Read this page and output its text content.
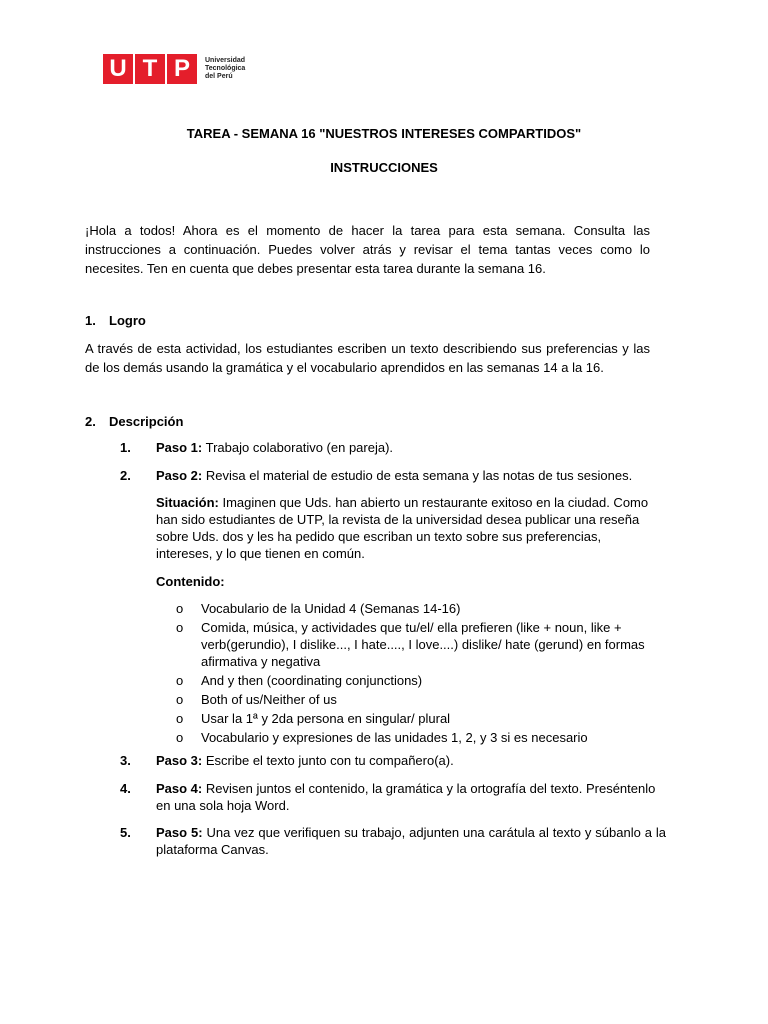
U T P	Universidad
Tecnológica
del Perú
TAREA - SEMANA 16 "NUESTROS INTERESES COMPARTIDOS"
INSTRUCCIONES
¡Hola a todos! Ahora es el momento de hacer la tarea para esta semana. Consulta las instrucciones a continuación. Puedes volver atrás y revisar el tema tantas veces como lo necesites. Ten en cuenta que debes presentar esta tarea durante la semana 16.
1. Logro
A través de esta actividad, los estudiantes escriben un texto describiendo sus preferencias y las de los demás usando la gramática y el vocabulario aprendidos en las semanas 14 a la 16.
2. Descripción
1. Paso 1: Trabajo colaborativo (en pareja).
2. Paso 2: Revisa el material de estudio de esta semana y las notas de tus sesiones.
Situación: Imaginen que Uds. han abierto un restaurante exitoso en la ciudad. Como han sido estudiantes de UTP, la revista de la universidad desea publicar una reseña sobre Uds. dos y les ha pedido que escriban un texto sobre sus preferencias, intereses, y lo que tienen en común.
Contenido:
o Vocabulario de la Unidad 4 (Semanas 14-16)
o Comida, música, y actividades que tu/el/ ella prefieren (like + noun, like + verb(gerundio), I dislike..., I hate...., I love....) dislike/ hate (gerund) en formas afirmativa y negativa
o And y then (coordinating conjunctions)
o Both of us/Neither of us
o Usar la 1ª y 2da persona en singular/ plural
o Vocabulario y expresiones de las unidades 1, 2, y 3 si es necesario
3. Paso 3: Escribe el texto junto con tu compañero(a).
4. Paso 4: Revisen juntos el contenido, la gramática y la ortografía del texto. Preséntenlo en una sola hoja Word.
5. Paso 5: Una vez que verifiquen su trabajo, adjunten una carátula al texto y súbanlo a la plataforma Canvas.
